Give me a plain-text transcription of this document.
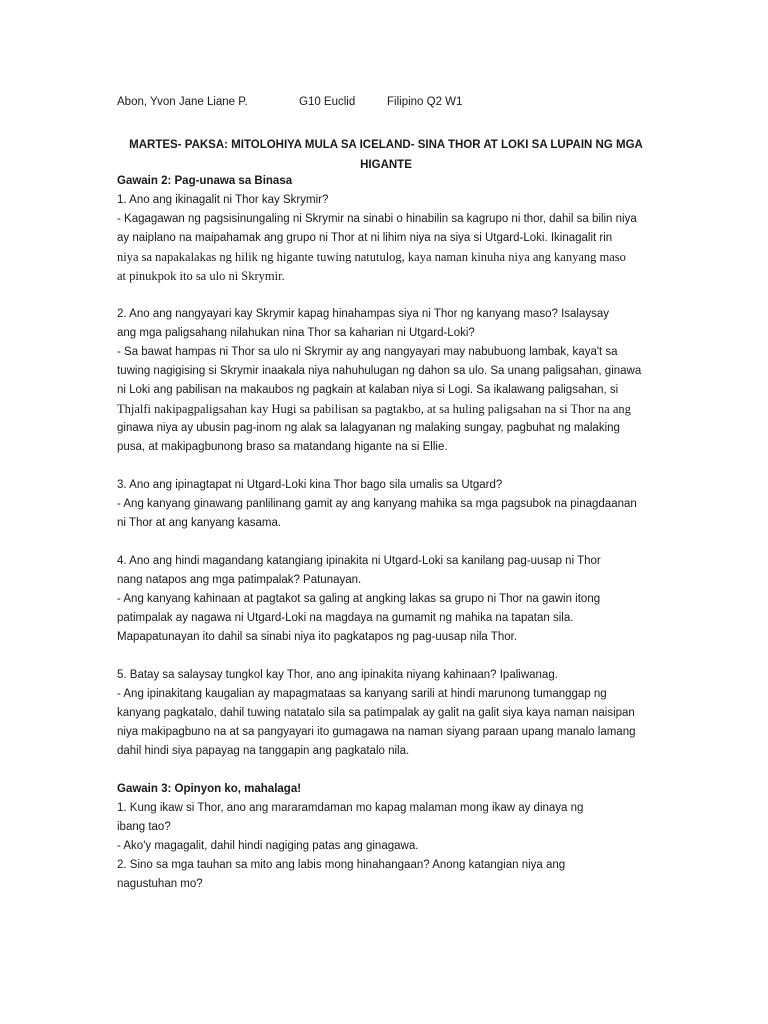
Abon, Yvon Jane Liane P.	G10 Euclid	Filipino Q2 W1
MARTES- PAKSA: MITOLOHIYA MULA SA ICELAND- SINA THOR AT LOKI SA LUPAIN NG MGA
HIGANTE
Gawain 2: Pag-unawa sa Binasa
1. Ano ang ikinagalit ni Thor kay Skrymir?
- Kagagawan ng pagsisinungaling ni Skrymir na sinabi o hinabilin sa kagrupo ni thor, dahil sa bilin niya
ay naiplano na maipahamak ang grupo ni Thor at ni lihim niya na siya si Utgard-Loki. Ikinagalit rin
niya sa napakalakas ng hilik ng higante tuwing natutulog, kaya naman kinuha niya ang kanyang maso
at pinukpok ito sa ulo ni Skrymir.
2. Ano ang nangyayari kay Skrymir kapag hinahampas siya ni Thor ng kanyang maso? Isalaysay
ang mga paligsahang nilahukan nina Thor sa kaharian ni Utgard-Loki?
- Sa bawat hampas ni Thor sa ulo ni Skrymir ay ang nangyayari may nabubuong lambak, kaya't sa
tuwing nagigising si Skrymir inaakala niya nahuhulugan ng dahon sa ulo. Sa unang paligsahan, ginawa
ni Loki ang pabilisan na makaubos ng pagkain at kalaban niya si Logi. Sa ikalawang paligsahan, si
Thjalfi nakipagpaligsahan kay Hugi sa pabilisan sa pagtakbo, at sa huling paligsahan na si Thor na ang
ginawa niya ay ubusin pag-inom ng alak sa lalagyanan ng malaking sungay, pagbuhat ng malaking
pusa, at makipagbunong braso sa matandang higante na si Ellie.
3. Ano ang ipinagtapat ni Utgard-Loki kina Thor bago sila umalis sa Utgard?
- Ang kanyang ginawang panlilinang gamit ay ang kanyang mahika sa mga pagsubok na pinagdaanan
ni Thor at ang kanyang kasama.
4. Ano ang hindi magandang katangiang ipinakita ni Utgard-Loki sa kanilang pag-uusap ni Thor
nang natapos ang mga patimpalak? Patunayan.
- Ang kanyang kahinaan at pagtakot sa galing at angking lakas sa grupo ni Thor na gawin itong
patimpalak ay nagawa ni Utgard-Loki na magdaya na gumamit ng mahika na tapatan sila.
Mapapatunayan ito dahil sa sinabi niya ito pagkatapos ng pag-uusap nila Thor.
5. Batay sa salaysay tungkol kay Thor, ano ang ipinakita niyang kahinaan? Ipaliwanag.
- Ang ipinakitang kaugalian ay mapagmataas sa kanyang sarili at hindi marunong tumanggap ng
kanyang pagkatalo, dahil tuwing natatalo sila sa patimpalak ay galit na galit siya kaya naman naisipan
niya makipagbuno na at sa pangyayari ito gumagawa na naman siyang paraan upang manalo lamang
dahil hindi siya papayag na tanggapin ang pagkatalo nila.
Gawain 3: Opinyon ko, mahalaga!
1. Kung ikaw si Thor, ano ang mararamdaman mo kapag malaman mong ikaw ay dinaya ng
ibang tao?
- Ako'y magagalit, dahil hindi nagiging patas ang ginagawa.
2. Sino sa mga tauhan sa mito ang labis mong hinahangaan? Anong katangian niya ang
nagustuhan mo?
